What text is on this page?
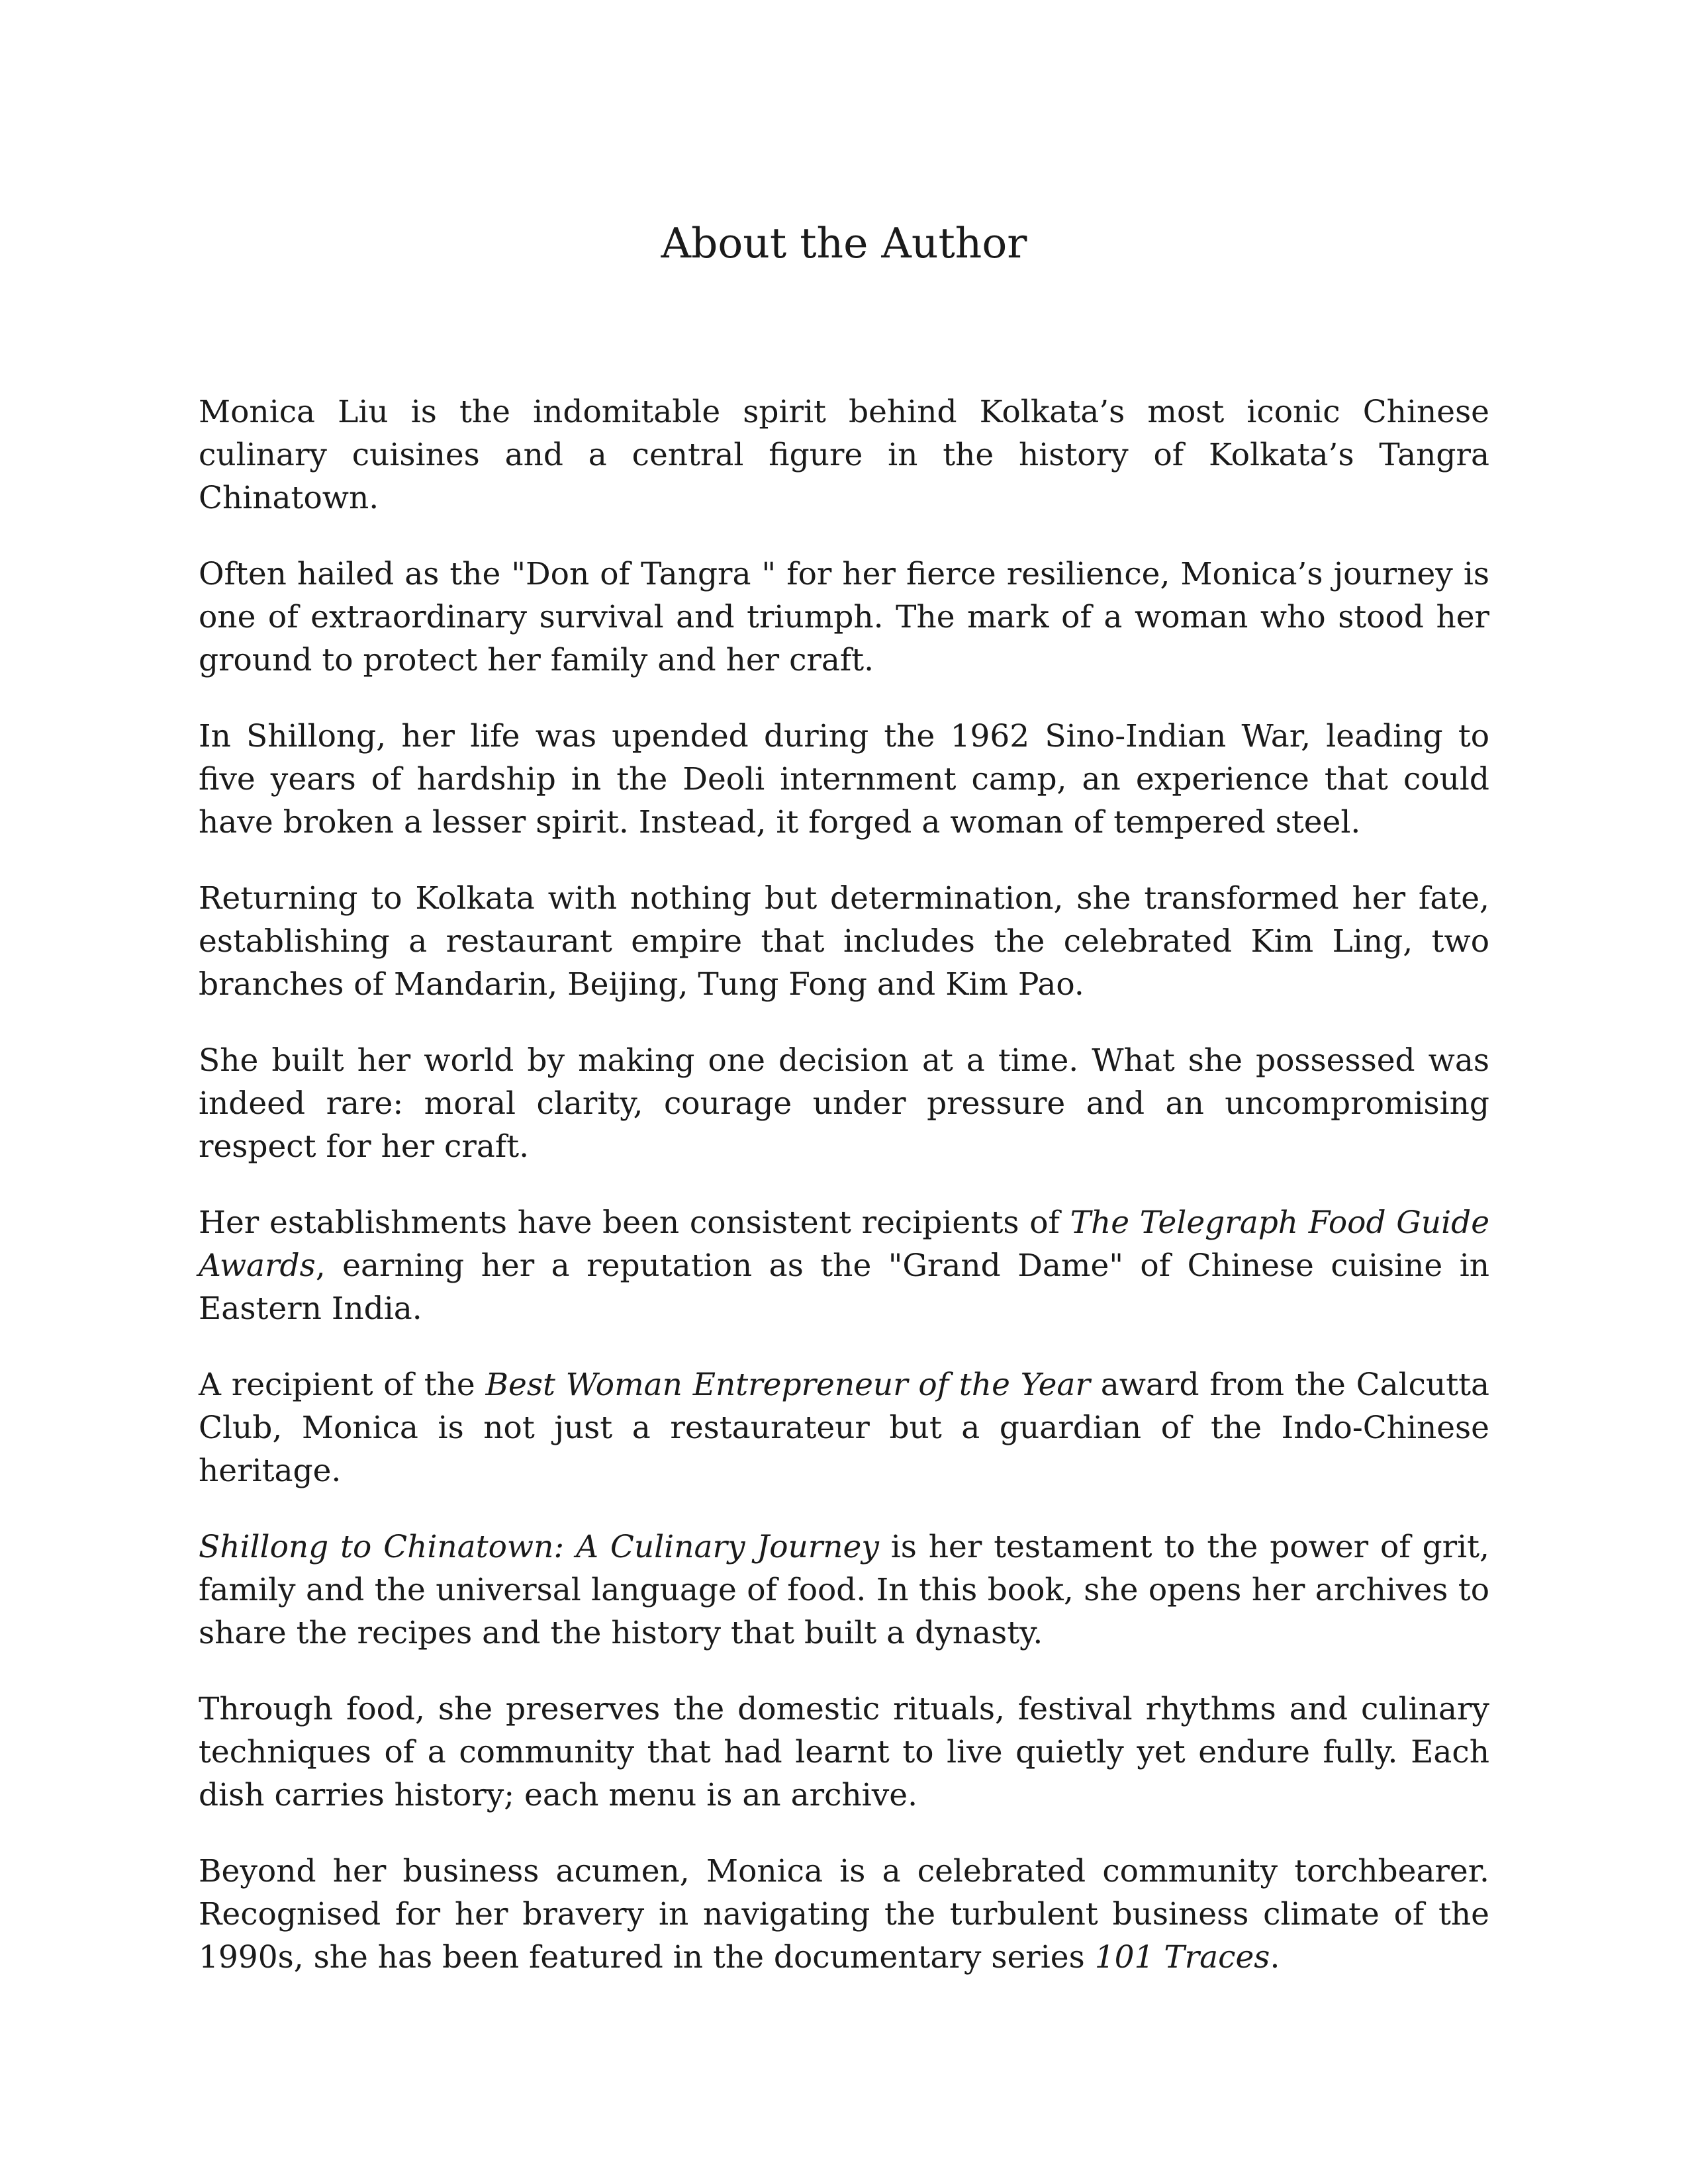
About the Author

Monica Liu is the indomitable spirit behind Kolkata’s most iconic Chinese culinary cuisines and a central figure in the history of Kolkata’s Tangra Chinatown.

Often hailed as the "Don of Tangra " for her fierce resilience, Monica’s journey is one of extraordinary survival and triumph. The mark of a woman who stood her ground to protect her family and her craft.

In Shillong, her life was upended during the 1962 Sino-Indian War, leading to five years of hardship in the Deoli internment camp, an experience that could have broken a lesser spirit. Instead, it forged a woman of tempered steel.

Returning to Kolkata with nothing but determination, she transformed her fate, establishing a restaurant empire that includes the celebrated Kim Ling, two branches of Mandarin, Beijing, Tung Fong and Kim Pao.

She built her world by making one decision at a time. What she possessed was indeed rare: moral clarity, courage under pressure and an uncompromising respect for her craft.

Her establishments have been consistent recipients of The Telegraph Food Guide Awards, earning her a reputation as the "Grand Dame" of Chinese cuisine in Eastern India.

A recipient of the Best Woman Entrepreneur of the Year award from the Calcutta Club, Monica is not just a restaurateur but a guardian of the Indo-Chinese heritage.

Shillong to Chinatown: A Culinary Journey is her testament to the power of grit, family and the universal language of food. In this book, she opens her archives to share the recipes and the history that built a dynasty.

Through food, she preserves the domestic rituals, festival rhythms and culinary techniques of a community that had learnt to live quietly yet endure fully. Each dish carries history; each menu is an archive.

Beyond her business acumen, Monica is a celebrated community torchbearer. Recognised for her bravery in navigating the turbulent business climate of the 1990s, she has been featured in the documentary series 101 Traces.
